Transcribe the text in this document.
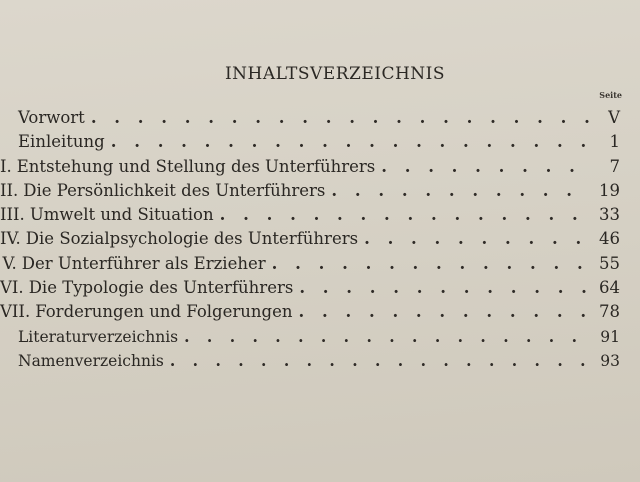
INHALTSVERZEICHNIS
Seite
Vorwort . . .	V
Einleitung . . .	1
I. Entstehung und Stellung des Unterführers . . .	7
II. Die Persönlichkeit des Unterführers . . .	19
III. Umwelt und Situation . . .	33
IV. Die Sozialpsychologie des Unterführers . . .	46
V. Der Unterführer als Erzieher . . .	55
VI. Die Typologie des Unterführers . . .	64
VII. Forderungen und Folgerungen . . .	78
Literaturverzeichnis . . .	91
Namenverzeichnis . . .	93
